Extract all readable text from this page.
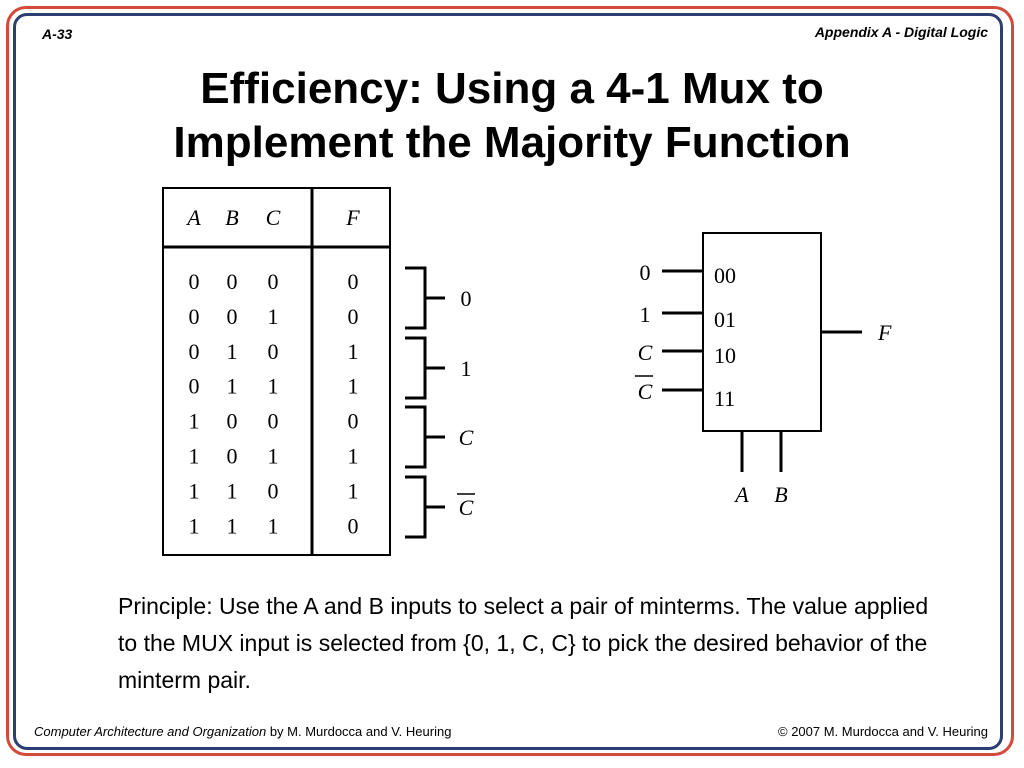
A-33	Appendix A - Digital Logic
Efficiency: Using a 4-1 Mux to
Implement the Majority Function
A B C	F
0 0 0	0
0 0 1	0
0 1 0	1
0 1 1	1
1 0 0	0
1 0 1	1
1 1 0	1
1 1 1	0
0
1
C
C
0	00
1	01
C	10
C	11
F
A B
Principle: Use the A and B inputs to select a pair of minterms. The value applied to the MUX input is selected from {0, 1, C, C} to pick the desired behavior of the minterm pair.
Computer Architecture and Organization by M. Murdocca and V. Heuring	© 2007 M. Murdocca and V. Heuring
